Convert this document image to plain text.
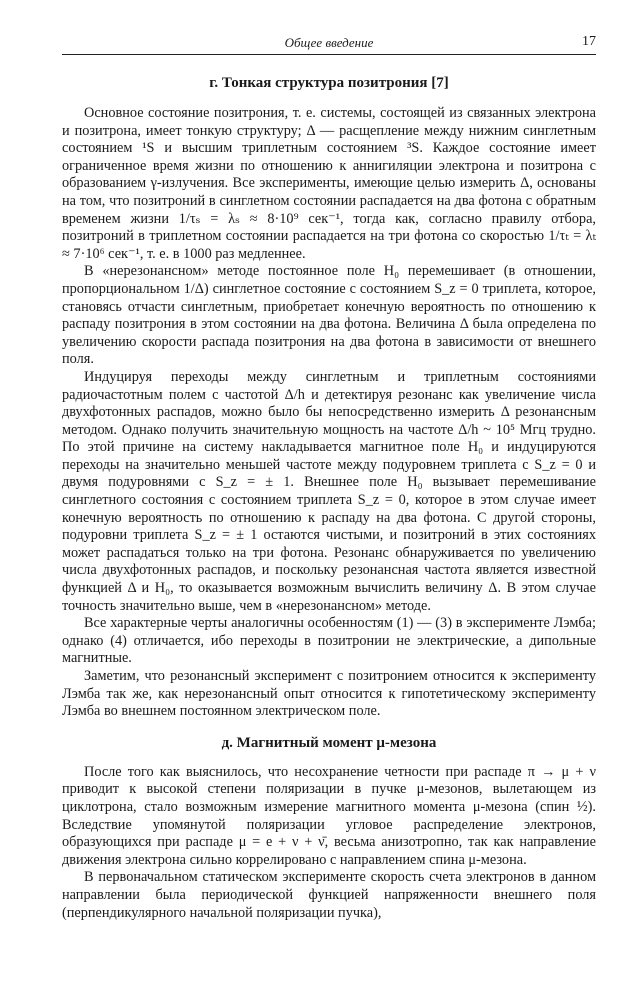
Общее введение	17
г. Тонкая структура позитрония [7]

Основное состояние позитрония, т. е. системы, состоящей из связанных электрона и позитрона, имеет тонкую структуру; Δ — расщепление между нижним синглетным состоянием ¹S и высшим триплетным состоянием ³S. Каждое состояние имеет ограниченное время жизни по отношению к аннигиляции электрона и позитрона с образованием γ-излучения. Все эксперименты, имеющие целью измерить Δ, основаны на том, что позитроний в синглетном состоянии распадается на два фотона с обратным временем жизни 1/τₛ = λₛ ≈ 8·10⁹ сек⁻¹, тогда как, согласно правилу отбора, позитроний в триплетном состоянии распадается на три фотона со скоростью 1/τₜ = λₜ ≈ 7·10⁶ сек⁻¹, т. е. в 1000 раз медленнее.

В «нерезонансном» методе постоянное поле H₀ перемешивает (в отношении, пропорциональном 1/Δ) синглетное состояние с состоянием S_z = 0 триплета, которое, становясь отчасти синглетным, приобретает конечную вероятность по отношению к распаду позитрония в этом состоянии на два фотона. Величина Δ была определена по увеличению скорости распада позитрония на два фотона в зависимости от внешнего поля.

Индуцируя переходы между синглетным и триплетным состояниями радиочастотным полем с частотой Δ/h и детектируя резонанс как увеличение числа двухфотонных распадов, можно было бы непосредственно измерить Δ резонансным методом. Однако получить значительную мощность на частоте Δ/h ~ 10⁵ Мгц трудно. По этой причине на систему накладывается магнитное поле H₀ и индуцируются переходы на значительно меньшей частоте между подуровнем триплета с S_z = 0 и двумя подуровнями с S_z = ± 1. Внешнее поле H₀ вызывает перемешивание синглетного состояния с состоянием триплета S_z = 0, которое в этом случае имеет конечную вероятность по отношению к распаду на два фотона. С другой стороны, подуровни триплета S_z = ± 1 остаются чистыми, и позитроний в этих состояниях может распадаться только на три фотона. Резонанс обнаруживается по увеличению числа двухфотонных распадов, и поскольку резонансная частота является известной функцией Δ и H₀, то оказывается возможным вычислить величину Δ. В этом случае точность значительно выше, чем в «нерезонансном» методе.

Все характерные черты аналогичны особенностям (1) — (3) в эксперименте Лэмба; однако (4) отличается, ибо переходы в позитронии не электрические, а дипольные магнитные.

Заметим, что резонансный эксперимент с позитронием относится к эксперименту Лэмба так же, как нерезонансный опыт относится к гипотетическому эксперименту Лэмба во внешнем постоянном электрическом поле.

д. Магнитный момент μ-мезона

После того как выяснилось, что несохранение четности при распаде π → μ + ν приводит к высокой степени поляризации в пучке μ-мезонов, вылетающем из циклотрона, стало возможным измерение магнитного момента μ-мезона (спин ½). Вследствие упомянутой поляризации угловое распределение электронов, образующихся при распаде μ = e + ν + ν̄, весьма анизотропно, так как направление движения электрона сильно коррелировано с направлением спина μ-мезона.

В первоначальном статическом эксперименте скорость счета электронов в данном направлении была периодической функцией напряженности внешнего поля (перпендикулярного начальной поляризации пучка),
